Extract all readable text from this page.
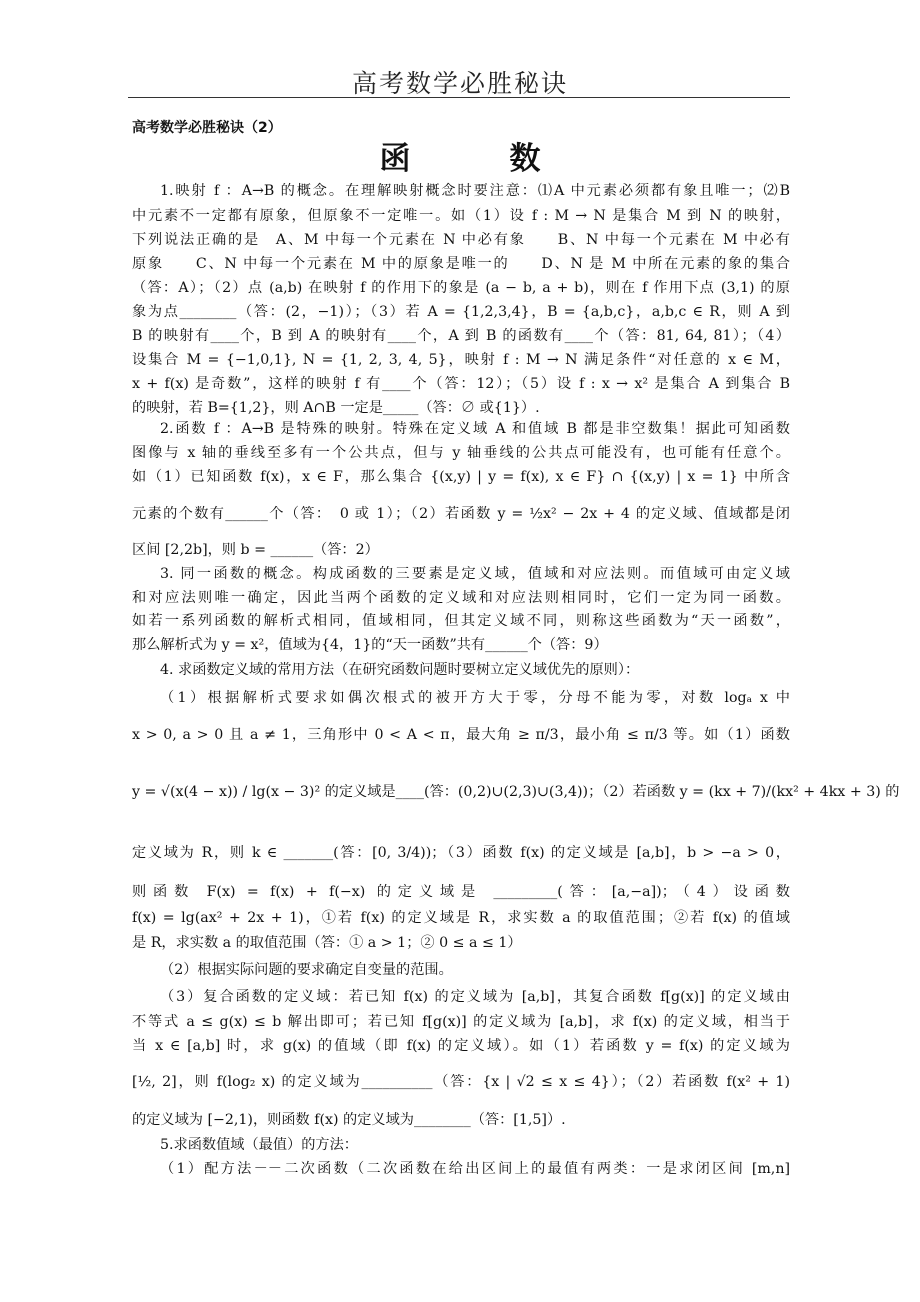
高考数学必胜秘诀
高考数学必胜秘诀（2）
函　数
1.映射 f ：A→B 的概念。在理解映射概念时要注意：⑴A 中元素必须都有象且唯一；⑵B
中元素不一定都有原象，但原象不一定唯一。如（1）设 f : M → N 是集合 M 到 N 的映射，
下列说法正确的是　A、M 中每一个元素在 N 中必有象　　B、N 中每一个元素在 M 中必有
原象　　C、N 中每一个元素在 M 中的原象是唯一的　　D、N 是 M 中所在元素的象的集合
（答：A）；（2）点 (a,b) 在映射 f 的作用下的象是 (a − b, a + b)，则在 f 作用下点 (3,1) 的原
象为点________（答：(2，−1)）；（3）若 A = {1,2,3,4}，B = {a,b,c}，a,b,c ∈ R，则 A 到
B 的映射有____个，B 到 A 的映射有____个，A 到 B 的函数有____个（答：81, 64, 81）；（4）
设集合 M = {−1,0,1}, N = {1, 2, 3, 4, 5}，映射 f : M → N 满足条件“对任意的 x ∈ M，
x + f(x) 是奇数”，这样的映射 f 有____个（答：12）；（5）设 f : x → x² 是集合 A 到集合 B
的映射，若 B={1,2}，则 A∩B 一定是_____（答：∅ 或{1}）.
2.函数 f ：A→B 是特殊的映射。特殊在定义域 A 和值域 B 都是非空数集！据此可知函数
图像与 x 轴的垂线至多有一个公共点，但与 y 轴垂线的公共点可能没有，也可能有任意个。
如（1）已知函数 f(x)，x ∈ F，那么集合 {(x,y) | y = f(x), x ∈ F} ∩ {(x,y) | x = 1} 中所含
元素的个数有______个（答：　0 或 1）；（2）若函数 y = ½x² − 2x + 4 的定义域、值域都是闭
区间 [2,2b]，则 b = ______（答：2）
3. 同一函数的概念。构成函数的三要素是定义域，值域和对应法则。而值域可由定义域
和对应法则唯一确定，因此当两个函数的定义域和对应法则相同时，它们一定为同一函数。
如若一系列函数的解析式相同，值域相同，但其定义域不同，则称这些函数为“天一函数”，
那么解析式为 y = x²，值域为{4，1}的“天一函数”共有______个（答：9）
4. 求函数定义域的常用方法（在研究函数问题时要树立定义域优先的原则）：
（1）根据解析式要求如偶次根式的被开方大于零，分母不能为零，对数 logₐ x 中
x > 0, a > 0 且 a ≠ 1，三角形中 0 < A < π，最大角 ≥ π/3，最小角 ≤ π/3 等。如（1）函数
y = √(x(4 − x)) / lg(x − 3)² 的定义域是____(答：(0,2)∪(2,3)∪(3,4))；（2）若函数 y = (kx + 7)/(kx² + 4kx + 3) 的
定义域为 R，则 k ∈ _______(答：[0, 3/4))；（3）函数 f(x) 的定义域是 [a,b]，b > −a > 0，
则函数 F(x) = f(x) + f(−x) 的定义域是 _________(答：[a,−a])；（4）设函数
f(x) = lg(ax² + 2x + 1)，①若 f(x) 的定义域是 R，求实数 a 的取值范围；②若 f(x) 的值域
是 R，求实数 a 的取值范围（答：① a > 1；② 0 ≤ a ≤ 1）
（2）根据实际问题的要求确定自变量的范围。
（3）复合函数的定义域：若已知 f(x) 的定义域为 [a,b]，其复合函数 f[g(x)] 的定义域由
不等式 a ≤ g(x) ≤ b 解出即可；若已知 f[g(x)] 的定义域为 [a,b]，求 f(x) 的定义域，相当于
当 x ∈ [a,b] 时，求 g(x) 的值域（即 f(x) 的定义域）。如（1）若函数 y = f(x) 的定义域为
[½, 2]，则 f(log₂ x) 的定义域为__________（答：{x | √2 ≤ x ≤ 4}）；（2）若函数 f(x² + 1)
的定义域为 [−2,1)，则函数 f(x) 的定义域为________（答：[1,5]）.
5.求函数值域（最值）的方法：
（1）配方法－－二次函数（二次函数在给出区间上的最值有两类：一是求闭区间 [m,n]
